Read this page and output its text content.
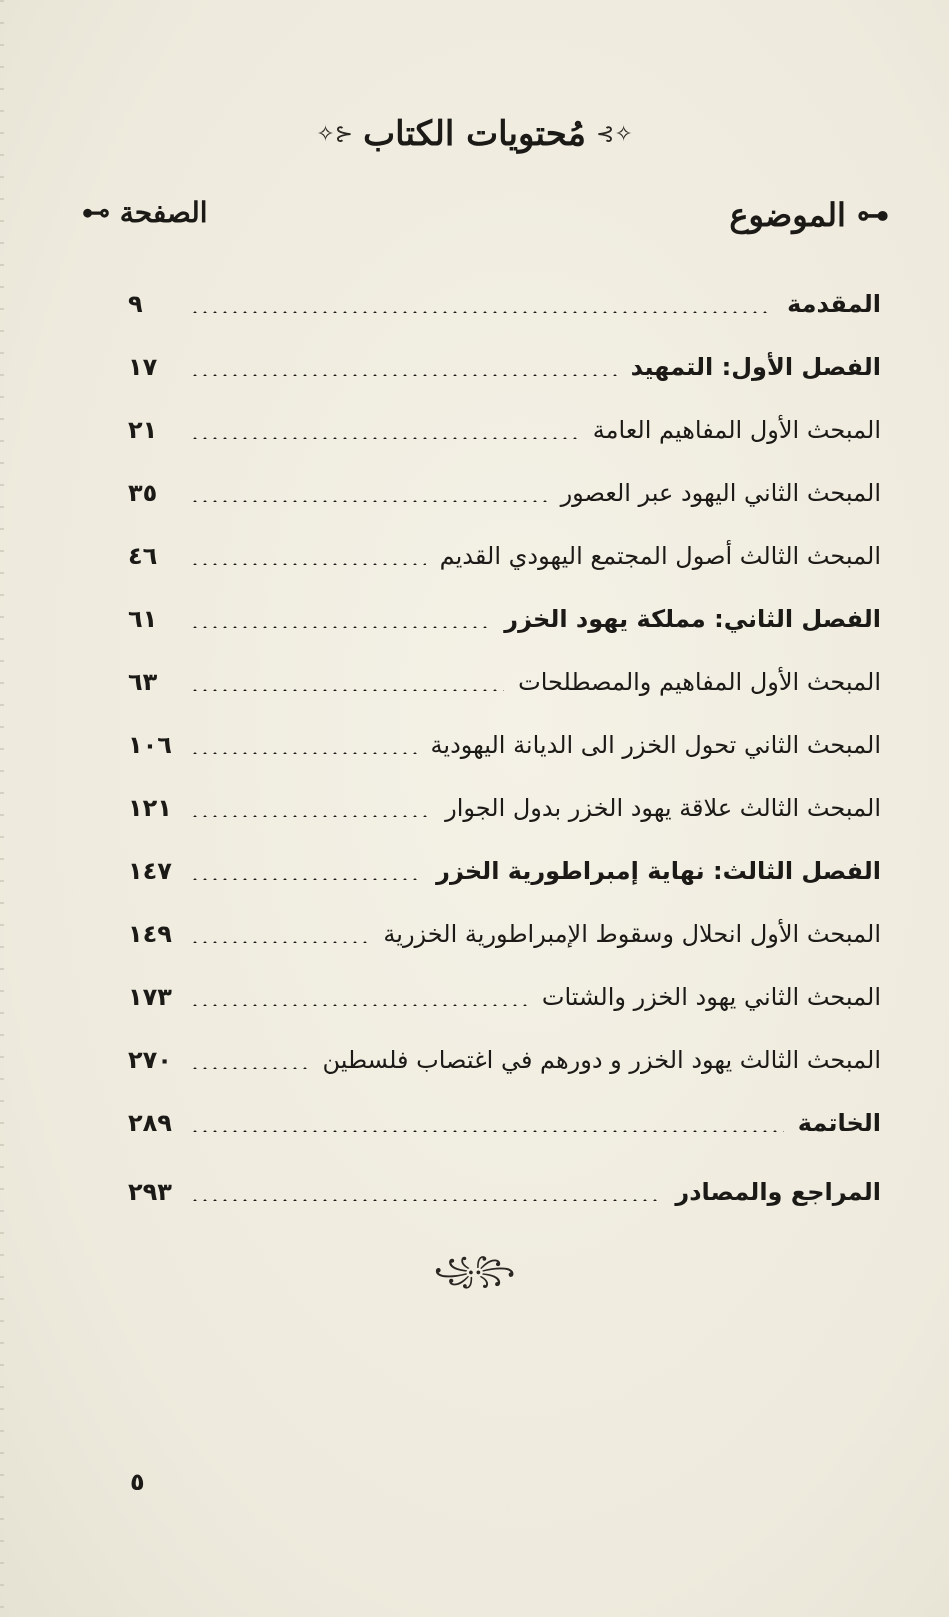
✧⊱
مُحتويات الكتاب
⊰✧
⊷ الموضوع
الصفحة ⊶
المقدمة
٩
الفصل الأول: التمهيد
١٧
المبحث الأول المفاهيم العامة
٢١
المبحث الثاني اليهود عبر العصور
٣٥
المبحث الثالث أصول المجتمع اليهودي القديم
٤٦
الفصل الثاني: مملكة يهود الخزر
٦١
المبحث الأول المفاهيم والمصطلحات
٦٣
المبحث الثاني تحول الخزر الى الديانة اليهودية
١٠٦
المبحث الثالث علاقة يهود الخزر بدول الجوار
١٢١
الفصل الثالث: نهاية إمبراطورية الخزر
١٤٧
المبحث الأول انحلال وسقوط الإمبراطورية الخزرية
١٤٩
المبحث الثاني يهود الخزر والشتات
١٧٣
المبحث الثالث يهود الخزر و دورهم في اغتصاب فلسطين
٢٧٠
الخاتمة
٢٨٩
المراجع والمصادر
٢٩٣
꧁꧂
٥
